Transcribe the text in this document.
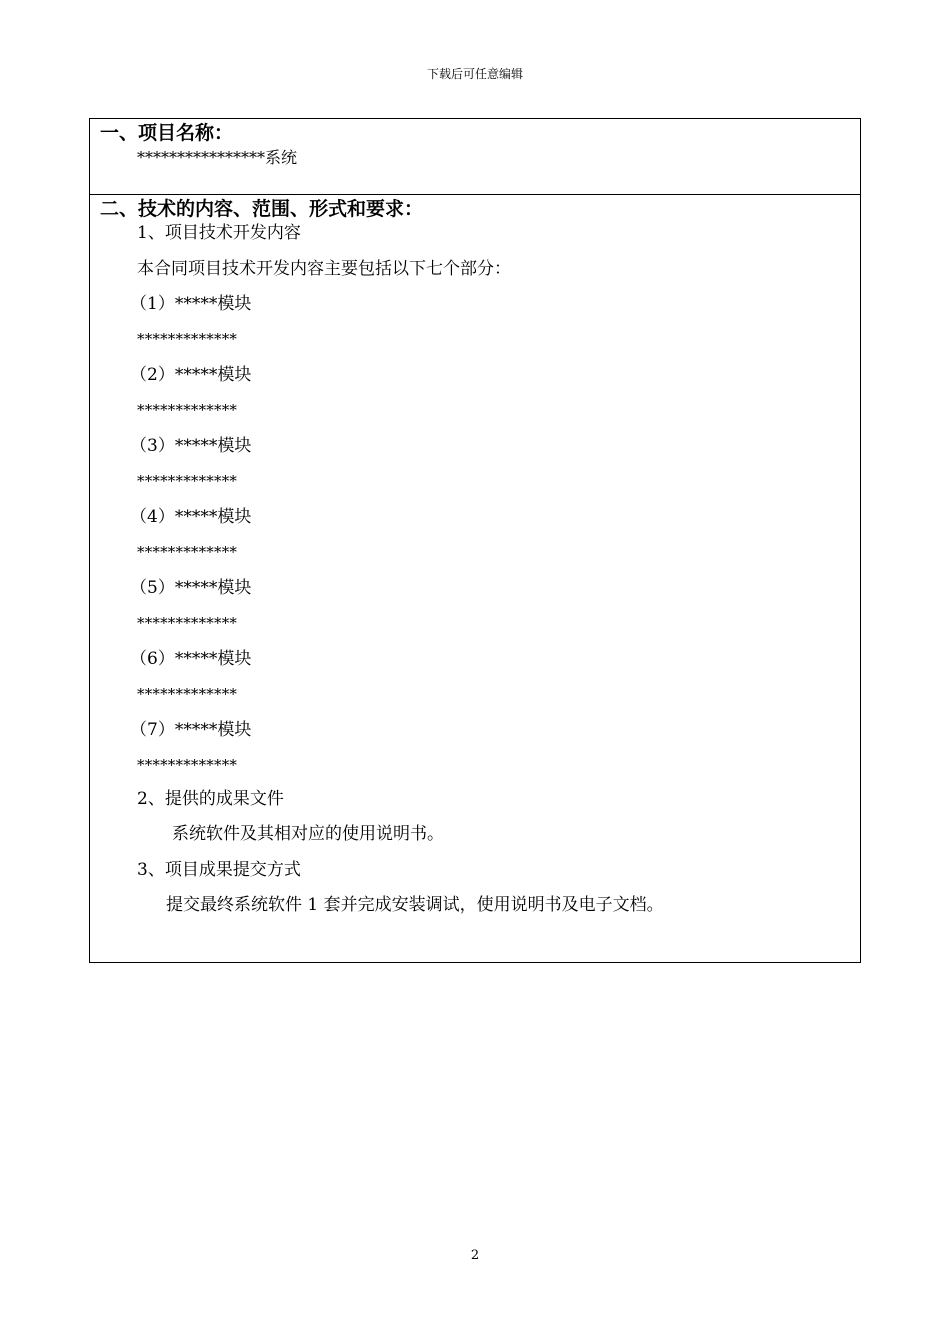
下载后可任意编辑
一、项目名称：
****************系统
二、技术的内容、范围、形式和要求：
1、项目技术开发内容
本合同项目技术开发内容主要包括以下七个部分：
（1）*****模块
*************
（2）*****模块
*************
（3）*****模块
*************
（4）*****模块
*************
（5）*****模块
*************
（6）*****模块
*************
（7）*****模块
*************
2、提供的成果文件
系统软件及其相对应的使用说明书。
3、项目成果提交方式
提交最终系统软件 1 套并完成安装调试，使用说明书及电子文档。
2
